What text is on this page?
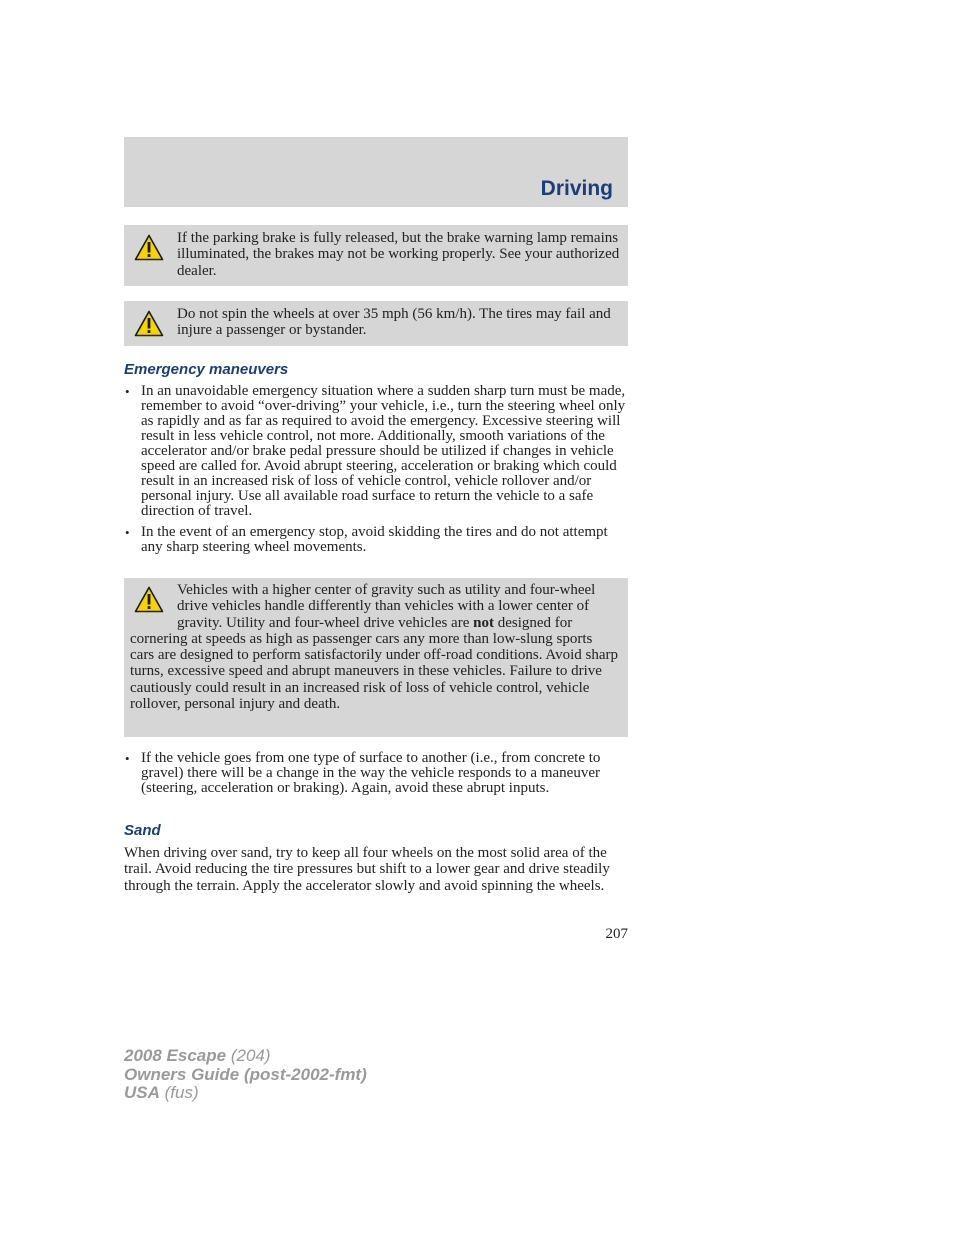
Driving
If the parking brake is fully released, but the brake warning lamp remains illuminated, the brakes may not be working properly. See your authorized dealer.
Do not spin the wheels at over 35 mph (56 km/h). The tires may fail and injure a passenger or bystander.
Emergency maneuvers
• In an unavoidable emergency situation where a sudden sharp turn must be made, remember to avoid “over-driving” your vehicle, i.e., turn the steering wheel only as rapidly and as far as required to avoid the emergency. Excessive steering will result in less vehicle control, not more. Additionally, smooth variations of the accelerator and/or brake pedal pressure should be utilized if changes in vehicle speed are called for. Avoid abrupt steering, acceleration or braking which could result in an increased risk of loss of vehicle control, vehicle rollover and/or personal injury. Use all available road surface to return the vehicle to a safe direction of travel.
• In the event of an emergency stop, avoid skidding the tires and do not attempt any sharp steering wheel movements.
Vehicles with a higher center of gravity such as utility and four-wheel drive vehicles handle differently than vehicles with a lower center of gravity. Utility and four-wheel drive vehicles are not designed for cornering at speeds as high as passenger cars any more than low-slung sports cars are designed to perform satisfactorily under off-road conditions. Avoid sharp turns, excessive speed and abrupt maneuvers in these vehicles. Failure to drive cautiously could result in an increased risk of loss of vehicle control, vehicle rollover, personal injury and death.
• If the vehicle goes from one type of surface to another (i.e., from concrete to gravel) there will be a change in the way the vehicle responds to a maneuver (steering, acceleration or braking). Again, avoid these abrupt inputs.
Sand
When driving over sand, try to keep all four wheels on the most solid area of the trail. Avoid reducing the tire pressures but shift to a lower gear and drive steadily through the terrain. Apply the accelerator slowly and avoid spinning the wheels.
207
2008 Escape (204)
Owners Guide (post-2002-fmt)
USA (fus)
